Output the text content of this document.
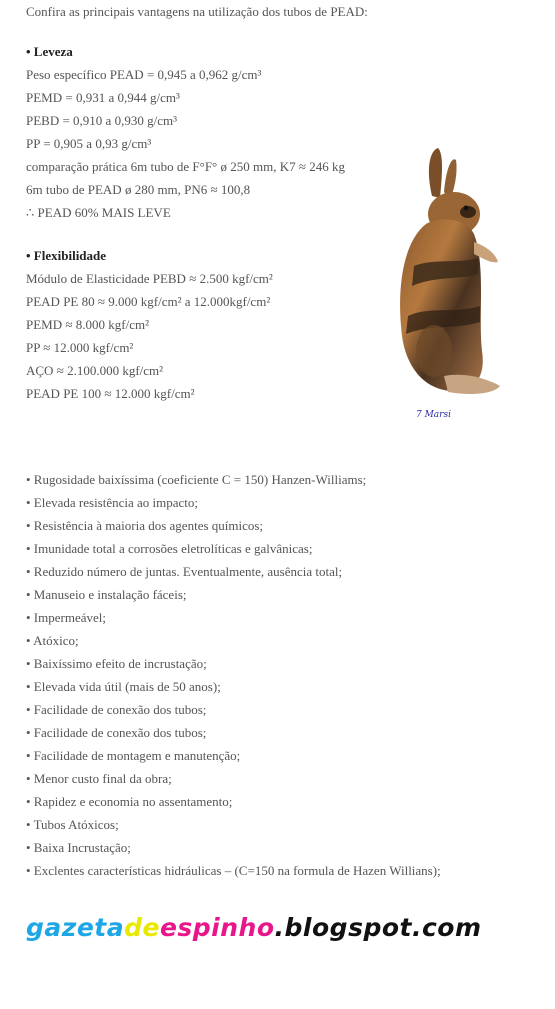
Confira as principais vantagens na utilização dos tubos de PEAD:
• Leveza
Peso específico PEAD = 0,945 a 0,962 g/cm³
PEMD = 0,931 a 0,944 g/cm³
PEBD = 0,910 a 0,930 g/cm³
PP = 0,905 a 0,93 g/cm³
comparação prática 6m tubo de F°F° ø 250 mm, K7 ≈ 246 kg
6m tubo de PEAD ø 280 mm, PN6 ≈ 100,8
∴ PEAD 60% MAIS LEVE
• Flexibilidade
Módulo de Elasticidade PEBD ≈ 2.500 kgf/cm²
PEAD PE 80 ≈ 9.000 kgf/cm² a 12.000kgf/cm²
PEMD ≈ 8.000 kgf/cm²
PP ≈ 12.000 kgf/cm²
AÇO ≈ 2.100.000 kgf/cm²
PEAD PE 100 ≈ 12.000 kgf/cm²
7 Marsi
• Rugosidade baixíssima (coeficiente C = 150) Hanzen-Williams;
• Elevada resistência ao impacto;
• Resistência à maioria dos agentes químicos;
• Imunidade total a corrosões eletrolíticas e galvânicas;
• Reduzido número de juntas. Eventualmente, ausência total;
• Manuseio e instalação fáceis;
• Impermeável;
• Atóxico;
• Baixíssimo efeito de incrustação;
• Elevada vida útil (mais de 50 anos);
• Facilidade de conexão dos tubos;
• Facilidade de conexão dos tubos;
• Facilidade de montagem e manutenção;
• Menor custo final da obra;
• Rapidez e economia no assentamento;
• Tubos Atóxicos;
• Baixa Incrustação;
• Exclentes características hidráulicas – (C=150 na formula de Hazen Willians);
gazetadeespinho.blogspot.com
